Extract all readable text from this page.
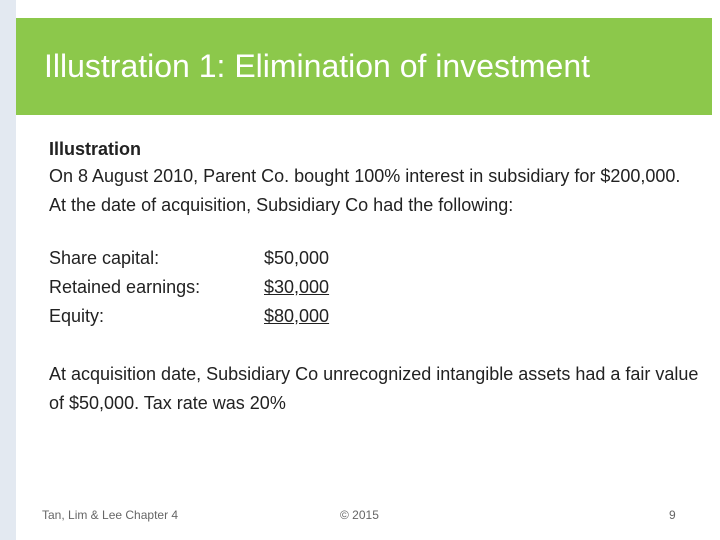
Illustration 1: Elimination of investment
Illustration
On 8 August 2010, Parent Co. bought 100% interest in subsidiary for $200,000. At the date of acquisition, Subsidiary Co had the following:
Share capital:	$50,000
Retained earnings:	$30,000
Equity:	$80,000
At acquisition date, Subsidiary Co unrecognized intangible assets had a fair value of $50,000. Tax rate was 20%
Tan, Lim & Lee Chapter 4	© 2015	9
